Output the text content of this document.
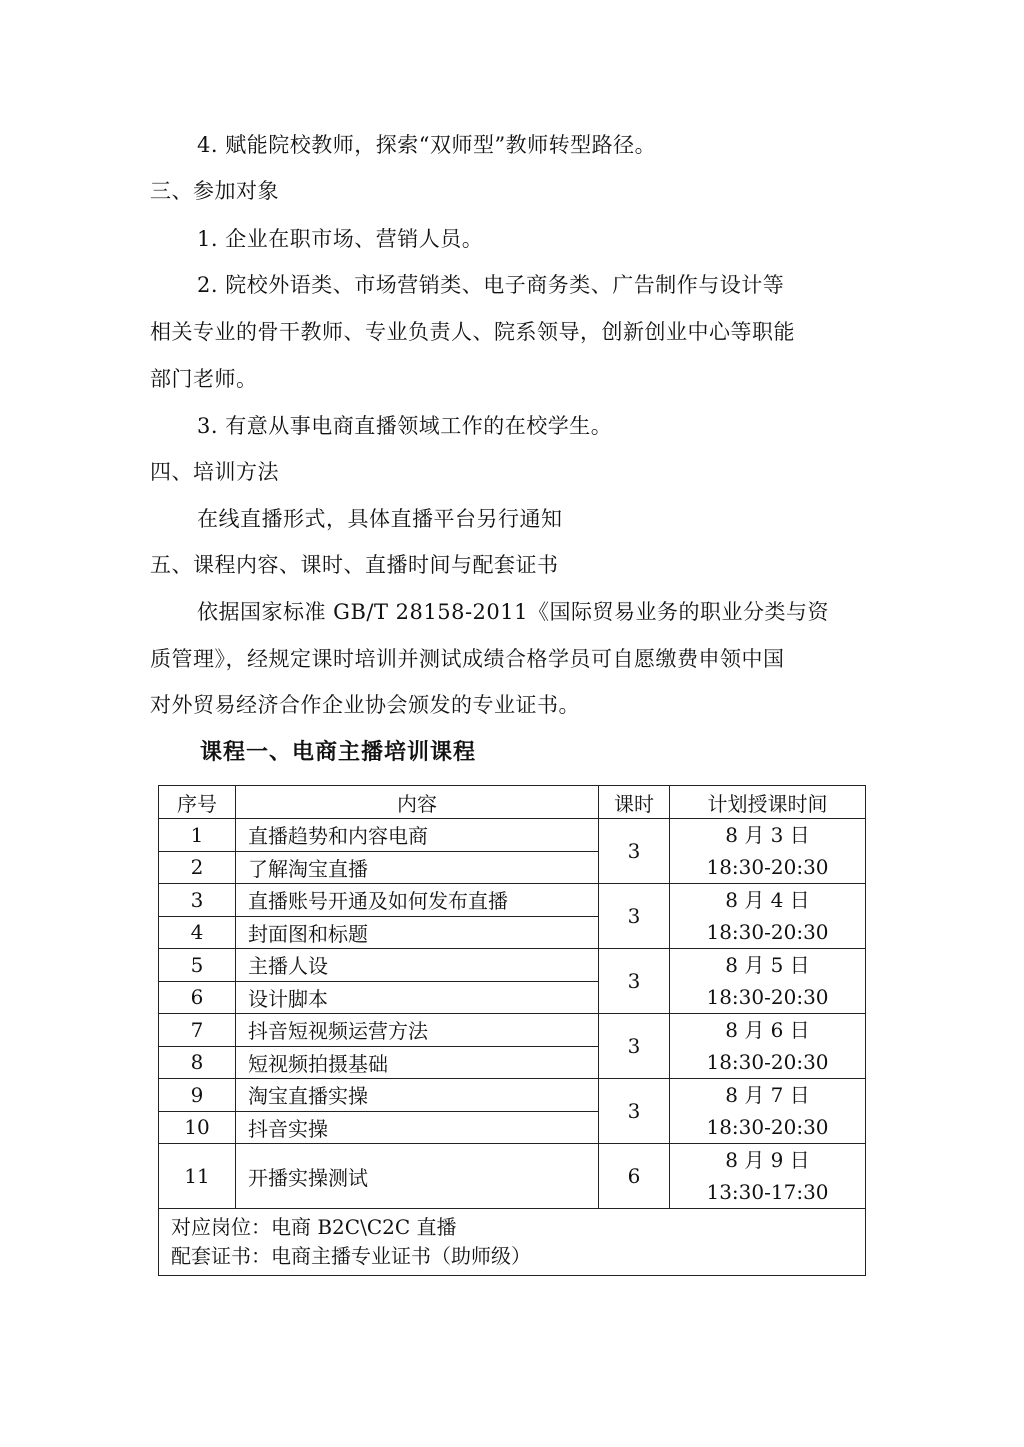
4. 赋能院校教师，探索“双师型”教师转型路径。
三、参加对象
1. 企业在职市场、营销人员。
2. 院校外语类、市场营销类、电子商务类、广告制作与设计等
相关专业的骨干教师、专业负责人、院系领导，创新创业中心等职能
部门老师。
3. 有意从事电商直播领域工作的在校学生。
四、培训方法
在线直播形式，具体直播平台另行通知
五、课程内容、课时、直播时间与配套证书
依据国家标准 GB/T 28158-2011《国际贸易业务的职业分类与资
质管理》，经规定课时培训并测试成绩合格学员可自愿缴费申领中国
对外贸易经济合作企业协会颁发的专业证书。
课程一、电商主播培训课程
序号	内容	课时	计划授课时间
1	直播趋势和内容电商	3	8 月 3 日
18:30-20:30

2	了解淘宝直播		
3	直播账号开通及如何发布直播	3	8 月 4 日
18:30-20:30

4	封面图和标题		
5	主播人设	3	8 月 5 日
18:30-20:30

6	设计脚本		
7	抖音短视频运营方法	3	8 月 6 日
18:30-20:30

8	短视频拍摄基础		
9	淘宝直播实操	3	8 月 7 日
18:30-20:30

10	抖音实操		
11	开播实操测试	6	8 月 9 日
13:30-17:30

对应岗位：电商 B2C\C2C 直播
配套证书：电商主播专业证书（助师级）			
